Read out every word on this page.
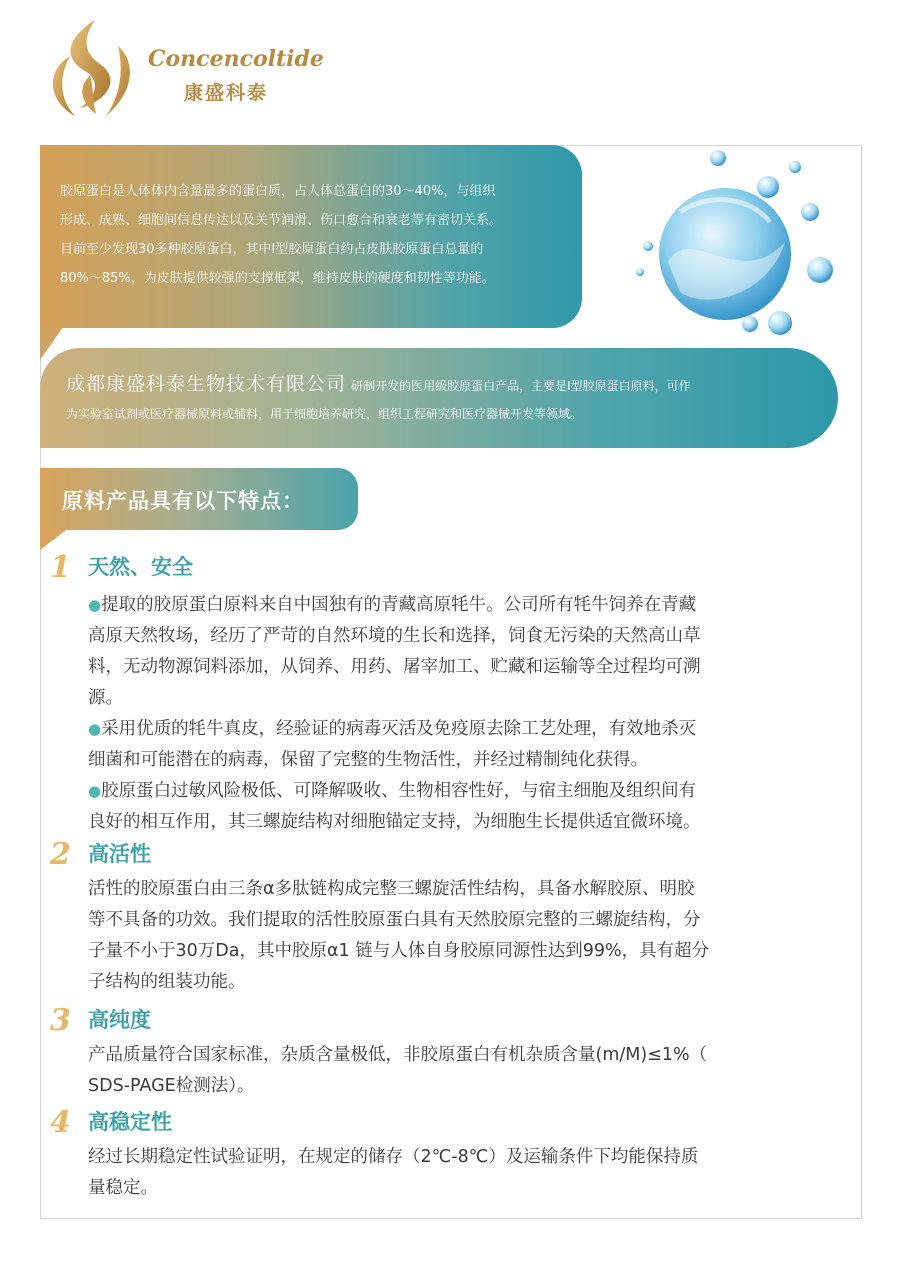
Concencoltide
康盛科泰

胶原蛋白是人体体内含量最多的蛋白质，占人体总蛋白的30～40%，与组织

形成、成熟、细胞间信息传达以及关节润滑、伤口愈合和衰老等有密切关系。

目前至少发现30多种胶原蛋白，其中I型胶原蛋白约占皮肤胶原蛋白总量的

80%～85%，为皮肤提供较强的支撑框架，维持皮肤的硬度和韧性等功能。

成都康盛科泰生物技术有限公司 研制开发的医用级胶原蛋白产品，主要是I型胶原蛋白原料，可作
为实验室试剂或医疗器械原料或辅料，用于细胞培养研究，组织工程研究和医疗器械开发等领域。
原料产品具有以下特点：
1 天然、安全

●提取的胶原蛋白原料来自中国独有的青藏高原牦牛。公司所有牦牛饲养在青藏

高原天然牧场，经历了严苛的自然环境的生长和选择，饲食无污染的天然高山草

料，无动物源饲料添加，从饲养、用药、屠宰加工、贮藏和运输等全过程均可溯

源。

●采用优质的牦牛真皮，经验证的病毒灭活及免疫原去除工艺处理，有效地杀灭

细菌和可能潜在的病毒，保留了完整的生物活性，并经过精制纯化获得。

●胶原蛋白过敏风险极低、可降解吸收、生物相容性好，与宿主细胞及组织间有

良好的相互作用，其三螺旋结构对细胞锚定支持，为细胞生长提供适宜微环境。

2 高活性

活性的胶原蛋白由三条α多肽链构成完整三螺旋活性结构，具备水解胶原、明胶

等不具备的功效。我们提取的活性胶原蛋白具有天然胶原完整的三螺旋结构，分

子量不小于30万Da，其中胶原α1 链与人体自身胶原同源性达到99%，具有超分

子结构的组装功能。

3 高纯度

产品质量符合国家标准，杂质含量极低，非胶原蛋白有机杂质含量(m/M)≤1%（

SDS-PAGE检测法）。

4 高稳定性

经过长期稳定性试验证明，在规定的储存（2℃-8℃）及运输条件下均能保持质

量稳定。
